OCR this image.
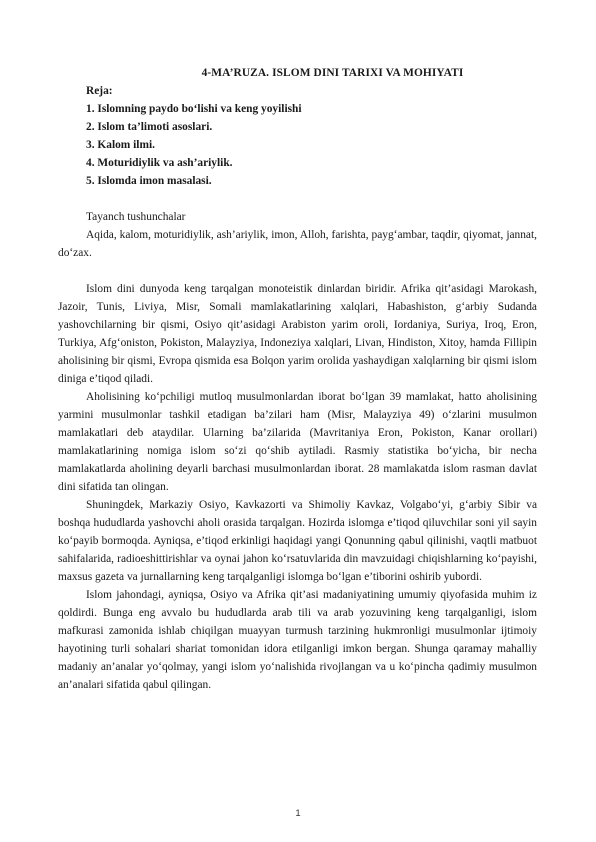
4-MA’RUZA. ISLOM DINI TARIXI VA MOHIYATI

Reja:
1. Islomning paydo bo‘lishi va keng yoyilishi
2. Islom ta’limoti asoslari.
3. Kalom ilmi.
4. Moturidiylik va ash’ariylik.
5. Islomda imon masalasi.

Tayanch tushunchalar

Aqida, kalom, moturidiylik, ash’ariylik, imon, Alloh, farishta, payg‘ambar, taqdir, qiyomat, jannat, do‘zax.

Islom dini dunyoda keng tarqalgan monoteistik dinlardan biridir. Afrika qit’asidagi Marokash, Jazoir, Tunis, Liviya, Misr, Somali mamlakatlarining xalqlari, Habashiston, g‘arbiy Sudanda yashovchilarning bir qismi, Osiyo qit’asidagi Arabiston yarim oroli, Iordaniya, Suriya, Iroq, Eron, Turkiya, Afg‘oniston, Pokiston, Malayziya, Indoneziya xalqlari, Livan, Hindiston, Xitoy, hamda Fillipin aholisining bir qismi, Evropa qismida esa Bolqon yarim orolida yashaydigan xalqlarning bir qismi islom diniga e’tiqod qiladi.

Aholisining ko‘pchiligi mutloq musulmonlardan iborat bo‘lgan 39 mamlakat, hatto aholisining yarmini musulmonlar tashkil etadigan ba’zilari ham (Misr, Malayziya 49) o‘zlarini musulmon mamlakatlari deb ataydilar. Ularning ba’zilarida (Mavritaniya Eron, Pokiston, Kanar orollari) mamlakatlarining nomiga islom so‘zi qo‘shib aytiladi. Rasmiy statistika bo‘yicha, bir necha mamlakatlarda aholining deyarli barchasi musulmonlardan iborat. 28 mamlakatda islom rasman davlat dini sifatida tan olingan.

Shuningdek, Markaziy Osiyo, Kavkazorti va Shimoliy Kavkaz, Volgabo‘yi, g‘arbiy Sibir va boshqa hududlarda yashovchi aholi orasida tarqalgan. Hozirda islomga e’tiqod qiluvchilar soni yil sayin ko‘payib bormoqda. Ayniqsa, e’tiqod erkinligi haqidagi yangi Qonunning qabul qilinishi, vaqtli matbuot sahifalarida, radioeshittirishlar va oynai jahon ko‘rsatuvlarida din mavzuidagi chiqishlarning ko‘payishi, maxsus gazeta va jurnallarning keng tarqalganligi islomga bo‘lgan e’tiborini oshirib yubordi.

Islom jahondagi, ayniqsa, Osiyo va Afrika qit’asi madaniyatining umumiy qiyofasida muhim iz qoldirdi. Bunga eng avvalo bu hududlarda arab tili va arab yozuvining keng tarqalganligi, islom mafkurasi zamonida ishlab chiqilgan muayyan turmush tarzining hukmronligi musulmonlar ijtimoiy hayotining turli sohalari shariat tomonidan idora etilganligi imkon bergan. Shunga qaramay mahalliy madaniy an’analar yo‘qolmay, yangi islom yo‘nalishida rivojlangan va u ko‘pincha qadimiy musulmon an’analari sifatida qabul qilingan.

1
